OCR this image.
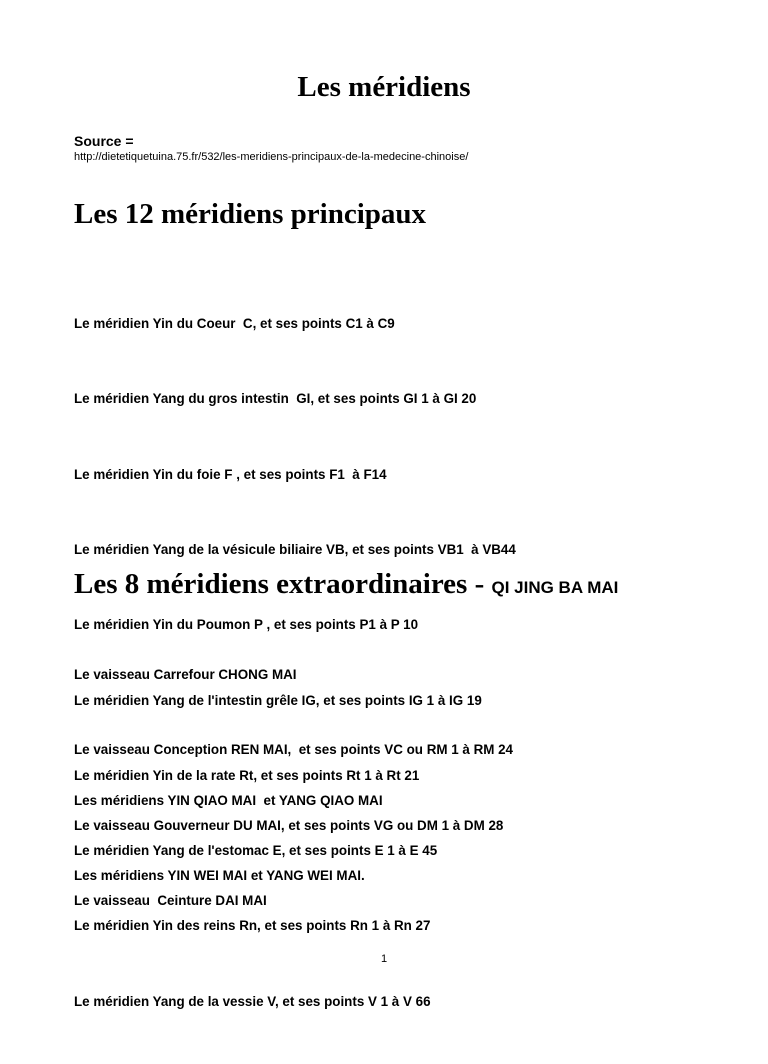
Les méridiens
Source =
http://dietetiquetuina.75.fr/532/les-meridiens-principaux-de-la-medecine-chinoise/
Les 12 méridiens principaux

Le méridien Yin du Coeur  C, et ses points C1 à C9

Le méridien Yang du gros intestin  GI, et ses points GI 1 à GI 20

Le méridien Yin du foie F , et ses points F1  à F14

Le méridien Yang de la vésicule biliaire VB, et ses points VB1  à VB44

Le méridien Yin du Poumon P , et ses points P1 à P 10

Le méridien Yang de l'intestin grêle IG, et ses points IG 1 à IG 19

Le méridien Yin de la rate Rt, et ses points Rt 1 à Rt 21

Le méridien Yang de l'estomac E, et ses points E 1 à E 45

Le méridien Yin des reins Rn, et ses points Rn 1 à Rn 27

Le méridien Yang de la vessie V, et ses points V 1 à V 66

Les 8 méridiens extraordinaires - QI JING BA MAI

Le vaisseau Carrefour CHONG MAI

Le vaisseau Conception REN MAI,  et ses points VC ou RM 1 à RM 24

Le vaisseau Gouverneur DU MAI, et ses points VG ou DM 1 à DM 28

Le vaisseau  Ceinture DAI MAI

Les méridiens YIN QIAO MAI  et YANG QIAO MAI

Les méridiens YIN WEI MAI et YANG WEI MAI.

1
